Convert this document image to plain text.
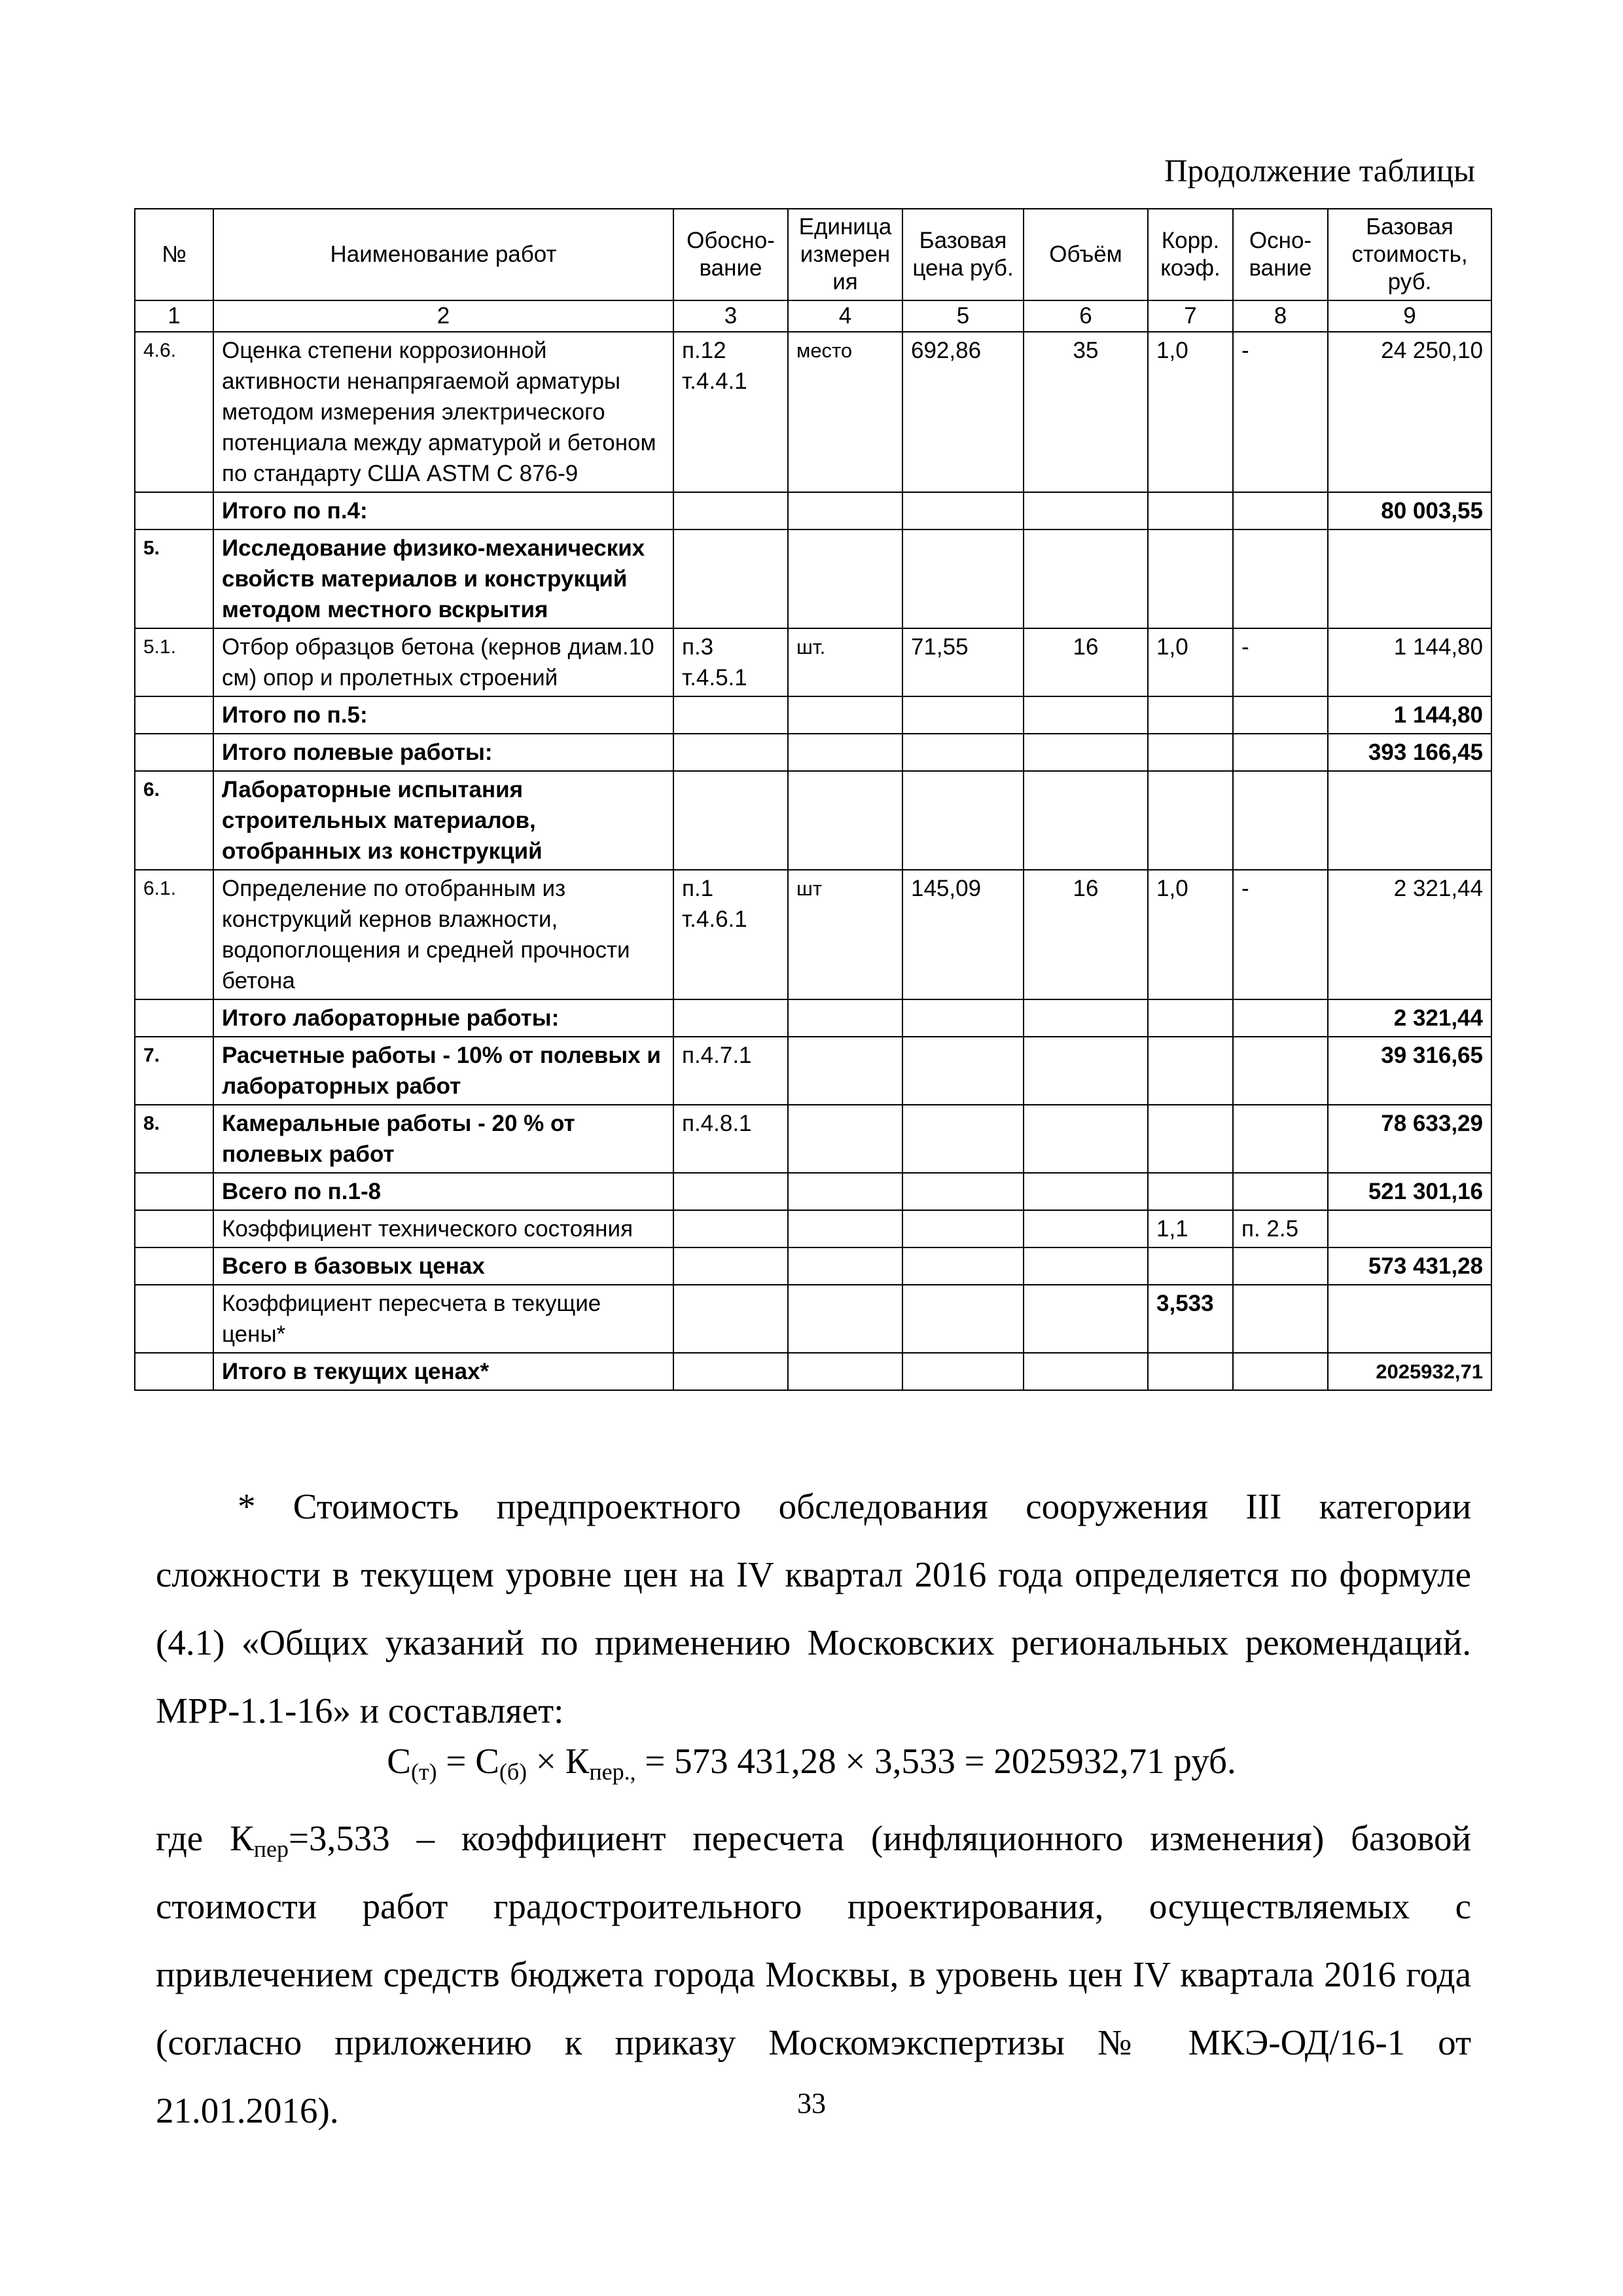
Продолжение таблицы
№	Наименование работ	Обосно-вание	Единица измерен ия	Базовая цена руб.	Объём	Корр. коэф.	Осно-вание	Базовая стоимость, руб.
1	2	3	4	5	6	7	8	9
4.6.	Оценка степени коррозионной активности ненапрягаемой арматуры методом измерения электрического потенциала между арматурой и бетоном по стандарту США ASTM C 876-9	п.12 т.4.4.1	место	692,86	35	1,0	-	24 250,10
	Итого по п.4:							80 003,55
5.	Исследование физико-механических свойств материалов и конструкций методом местного вскрытия							
5.1.	Отбор образцов бетона (кернов диам.10 см) опор и пролетных строений	п.3 т.4.5.1	шт.	71,55	16	1,0	-	1 144,80
	Итого по п.5:							1 144,80
	Итого полевые работы:							393 166,45
6.	Лабораторные испытания строительных материалов, отобранных из конструкций							
6.1.	Определение по отобранным из конструкций кернов влажности, водопоглощения и средней прочности бетона	п.1 т.4.6.1	шт	145,09	16	1,0	-	2 321,44
	Итого лабораторные работы:							2 321,44
7.	Расчетные работы - 10% от полевых и лабораторных работ	п.4.7.1						39 316,65
8.	Камеральные работы - 20 % от полевых работ	п.4.8.1						78 633,29
	Всего по п.1-8							521 301,16
	Коэффициент технического состояния					1,1	п. 2.5	
	Всего в базовых ценах							573 431,28
	Коэффициент пересчета в текущие цены*					3,533		
	Итого в текущих ценах*							2025932,71
* Стоимость предпроектного обследования сооружения III категории сложности в текущем уровне цен на IV квартал 2016 года определяется по формуле (4.1) «Общих указаний по применению Московских региональных рекомендаций. МРР-1.1-16» и составляет:
$С_{(т)} = С_{(б)} \times К_{пер.,} = 573$ 431,28 × 3,533 = 2025932,71 руб.
где $К_{пер}=3,533$ – коэффициент пересчета (инфляционного изменения) базовой стоимости работ градостроительного проектирования, осуществляемых с привлечением средств бюджета города Москвы, в уровень цен IV квартала 2016 года (согласно приложению к приказу Москомэкспертизы № МКЭ-ОД/16-1 от 21.01.2016).	33
